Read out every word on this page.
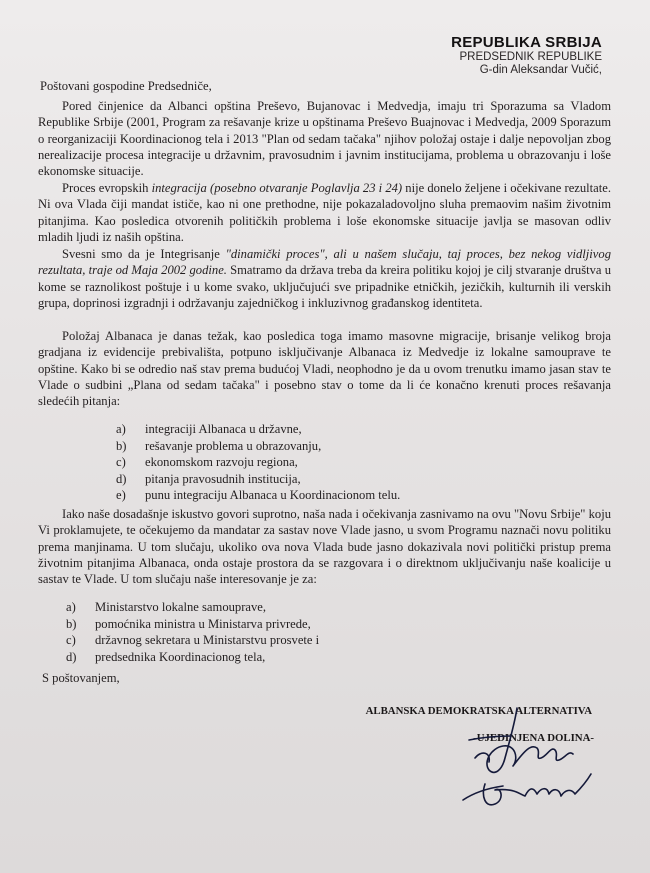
REPUBLIKA SRBIJA
PREDSEDNIK REPUBLIKE
G-din Aleksandar Vučić,
Poštovani gospodine Predsedniče,
Pored činjenice da Albanci opština Preševo, Bujanovac i Medvedja, imaju tri Sporazuma sa Vladom Republike Srbije (2001, Program za rešavanje krize u opštinama Preševo Buajnovac i Medvedja, 2009 Sporazum o reorganizaciji Koordinacionog tela i 2013 "Plan od sedam tačaka" njihov položaj ostaje i dalje nepovoljan zbog nerealizacije procesa integracije u državnim, pravosudnim i javnim institucijama, problema u obrazovanju i loše ekonomske situacije.
Proces evropskih integracija (posebno otvaranje Poglavlja 23 i 24) nije donelo željene i očekivane rezultate. Ni ova Vlada čiji mandat ističe, kao ni one prethodne, nije pokazaladovoljno sluha premaovim našim životnim pitanjima. Kao posledica otvorenih političkih problema i loše ekonomske situacije javlja se masovan odliv mladih ljudi iz naših opština.
Svesni smo da je Integrisanje "dinamički proces", ali u našem slučaju, taj proces, bez nekog vidljivog rezultata, traje od Maja 2002 godine. Smatramo da država treba da kreira politiku kojoj je cilj stvaranje društva u kome se raznolikost poštuje i u kome svako, uključujući sve pripadnike etničkih, jezičkih, kulturnih ili verskih grupa, doprinosi izgradnji i održavanju zajedničkog i inkluzivnog građanskog identiteta.
Položaj Albanaca je danas težak, kao posledica toga imamo masovne migracije, brisanje velikog broja gradjana iz evidencije prebivališta, potpuno isključivanje Albanaca iz Medvedje iz lokalne samouprave te opštine. Kako bi se odredio naš stav prema budućoj Vladi, neophodno je da u ovom trenutku imamo jasan stav te Vlade o sudbini „Plana od sedam tačaka" i posebno stav o tome da li će konačno krenuti proces rešavanja sledećih pitanja:
a)	integraciji Albanaca u državne,
b)	rešavanje problema u obrazovanju,
c)	ekonomskom razvoju regiona,
d)	pitanja pravosudnih institucija,
e)	punu integraciju Albanaca u Koordinacionom telu.
Iako naše dosadašnje iskustvo govori suprotno, naša nada i očekivanja zasnivamo na ovu "Novu Srbije" koju Vi proklamujete, te očekujemo da mandatar za sastav nove Vlade jasno, u svom Programu naznači novu politiku prema manjinama. U tom slučaju, ukoliko ova nova Vlada bude jasno dokazivala novi politički pristup prema životnim pitanjima Albanaca, onda ostaje prostora da se razgovara i o direktnom uključivanju naše koalicije u sastav te Vlade. U tom slučaju naše interesovanje je za:
a)	Ministarstvo lokalne samouprave,
b)	pomoćnika ministra u Ministarva privrede,
c)	državnog sekretara u Ministarstvu prosvete i
d)	predsednika Koordinacionog tela,
S poštovanjem,
ALBANSKA DEMOKRATSKA ALTERNATIVA
-UJEDINJENA DOLINA-
